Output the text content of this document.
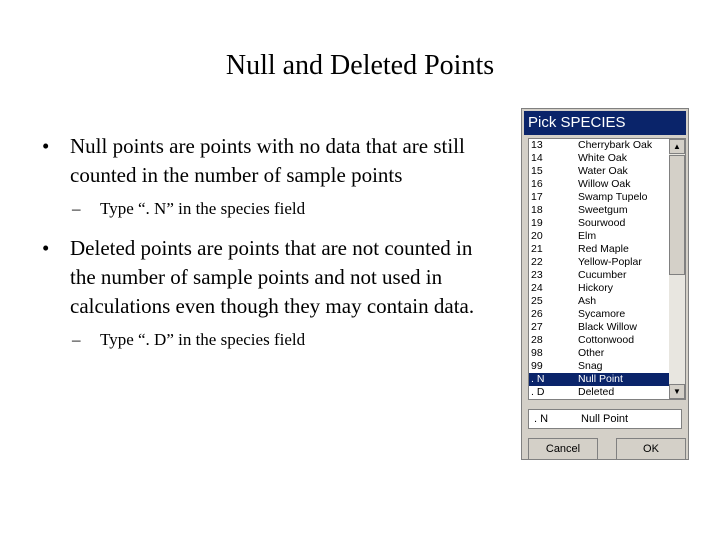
Null and Deleted Points
• Null points are points with no data that are still counted in the number of sample points
– Type “. N” in the species field
• Deleted points are points that are not counted in the number of sample points and not used in calculations even though they may contain data.
– Type “. D” in the species field
Pick SPECIES
13	Cherrybark Oak
14	White Oak
15	Water Oak
16	Willow Oak
17	Swamp Tupelo
18	Sweetgum
19	Sourwood
20	Elm
21	Red Maple
22	Yellow-Poplar
23	Cucumber
24	Hickory
25	Ash
26	Sycamore
27	Black Willow
28	Cottonwood
98	Other
99	Snag
. N	Null Point
. D	Deleted
▲
▼
. N	Null Point
Cancel	OK
